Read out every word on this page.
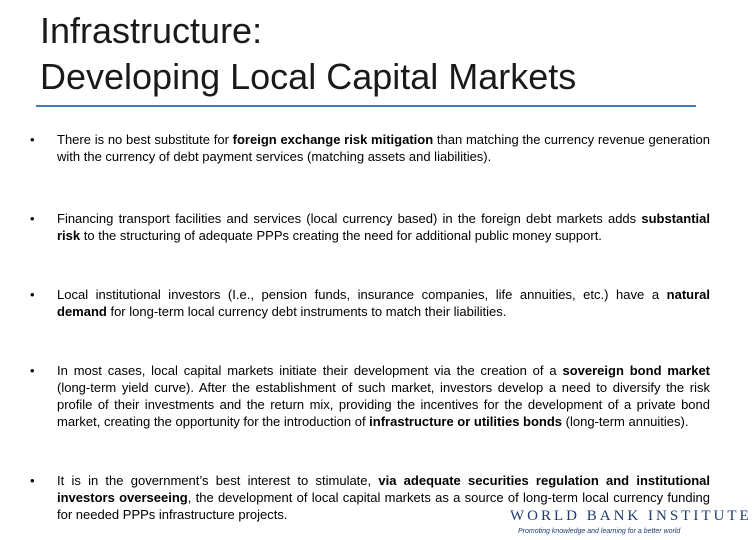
Infrastructure:
Developing Local Capital Markets
•	There is no best substitute for foreign exchange risk mitigation than matching the currency revenue generation with the currency of debt payment services (matching assets and liabilities).
•	Financing transport facilities and services (local currency based) in the foreign debt markets adds substantial risk to the structuring of adequate PPPs creating the need for additional public money support.
•	Local institutional investors (I.e., pension funds, insurance companies, life annuities, etc.) have a natural demand for long-term local currency debt instruments to match their liabilities.
•	In most cases, local capital markets initiate their development via the creation of a sovereign bond market (long-term yield curve). After the establishment of such market, investors develop a need to diversify the risk profile of their investments and the return mix, providing the incentives for the development of a private bond market, creating the opportunity for the introduction of infrastructure or utilities bonds (long-term annuities).
•	It is in the government’s best interest to stimulate, via adequate securities regulation and institutional investors overseeing, the development of local capital markets as a source of long-term local currency funding for needed PPPs infrastructure projects.	WORLD BANK INSTITUTE
Promoting knowledge and learning for a better world
